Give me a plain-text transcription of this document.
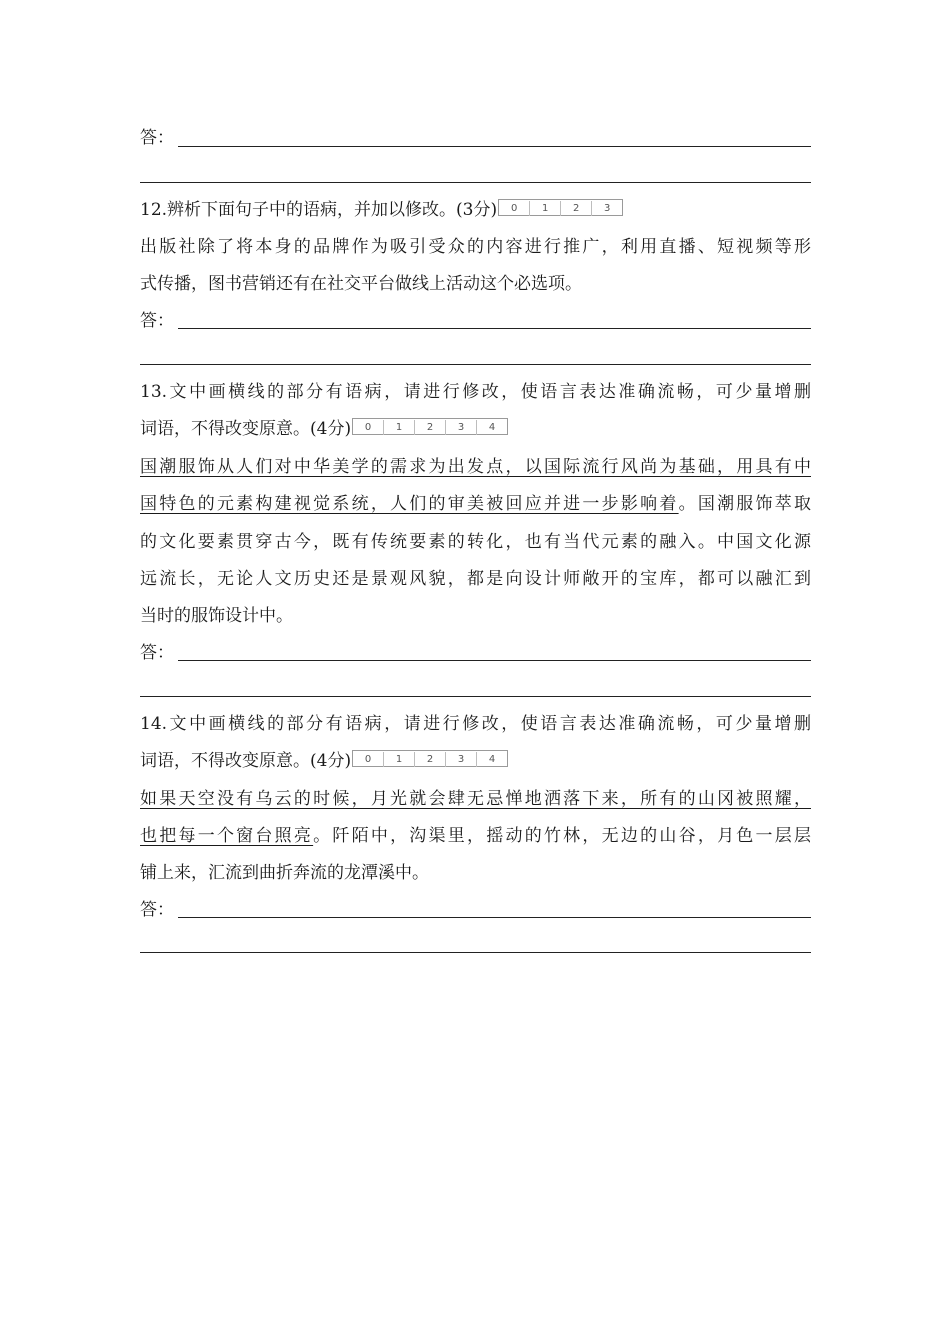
答：
12.辨析下面句子中的语病，并加以修改。(3分) 0 1 2 3
出版社除了将本身的品牌作为吸引受众的内容进行推广，利用直播、短视频等形
式传播，图书营销还有在社交平台做线上活动这个必选项。
答：
13.文中画横线的部分有语病，请进行修改，使语言表达准确流畅，可少量增删
词语，不得改变原意。(4分) 0 1 2 3 4
国潮服饰从人们对中华美学的需求为出发点，以国际流行风尚为基础，用具有中
国特色的元素构建视觉系统，人们的审美被回应并进一步影响着。国潮服饰萃取
的文化要素贯穿古今，既有传统要素的转化，也有当代元素的融入。中国文化源
远流长，无论人文历史还是景观风貌，都是向设计师敞开的宝库，都可以融汇到
当时的服饰设计中。
答：
14.文中画横线的部分有语病，请进行修改，使语言表达准确流畅，可少量增删
词语，不得改变原意。(4分) 0 1 2 3 4
如果天空没有乌云的时候，月光就会肆无忌惮地洒落下来，所有的山冈被照耀，
也把每一个窗台照亮。阡陌中，沟渠里，摇动的竹林，无边的山谷，月色一层层
铺上来，汇流到曲折奔流的龙潭溪中。
答：
